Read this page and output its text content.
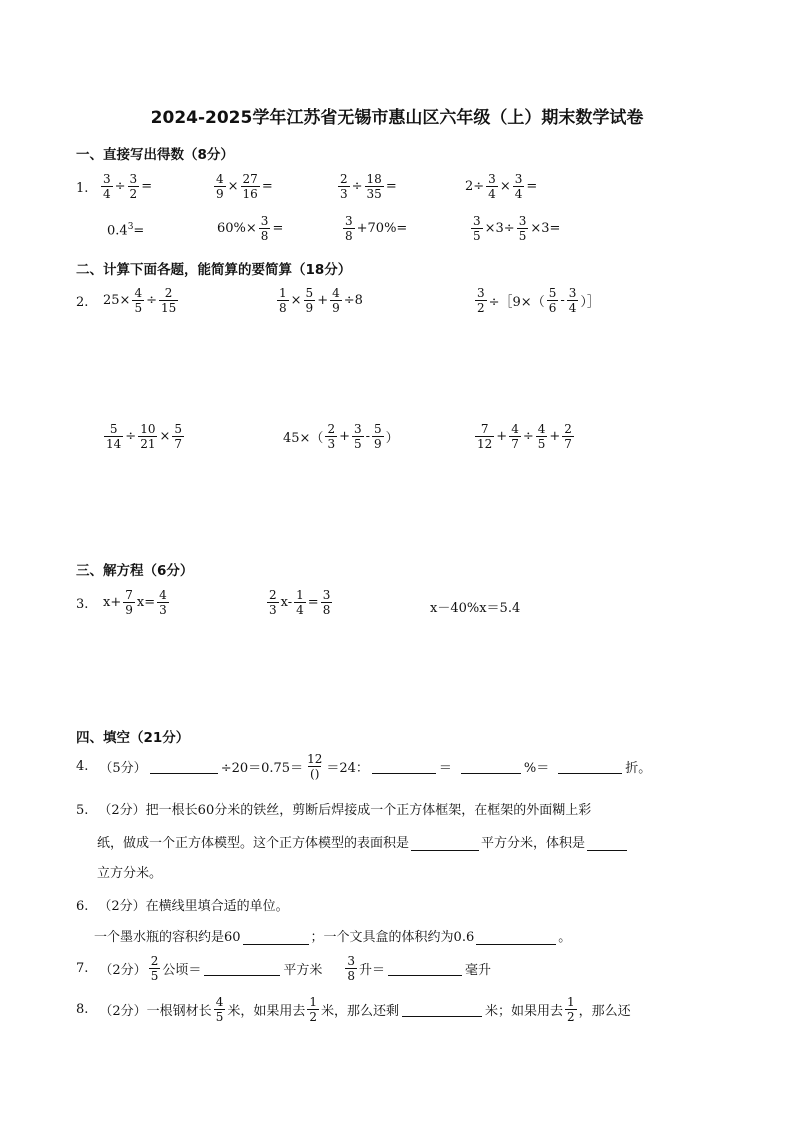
2024-2025学年江苏省无锡市惠山区六年级（上）期末数学试卷
一、直接写出得数（8分）
1. $\frac{3}{4} \div \frac{3}{2}$ =	$\frac{4}{9} \times \frac{27}{16}$ =	$\frac{2}{3} \div \frac{18}{35}$ =	$2\div \frac{3}{4} \times \frac{3}{4}$ =
$0.4^3=$	$60\%\times \frac{3}{8}$ =	$\frac{3}{8} +70\%=$	$\frac{3}{5} \times 3\div \frac{3}{5} \times 3=$
二、计算下面各题，能简算的要简算（18分）
2. $25\times \frac{4}{5} \div \frac{2}{15}$	$\frac{1}{8} \times \frac{5}{9} + \frac{4}{9} \div 8$	$\frac{3}{2}$ ÷［9×（ $\frac{5}{6} - \frac{3}{4}$ ）］
$\frac{5}{14} \div \frac{10}{21} \times \frac{5}{7}$	$45\times( \frac{2}{3} + \frac{3}{5} - \frac{5}{9}$ ）	$\frac{7}{12} + \frac{4}{7} \div \frac{4}{5} + \frac{2}{7}$
三、解方程（6分）
3. $x+ \frac{7}{9} x= \frac{4}{3}$	$\frac{2}{3} x- \frac{1}{4} = \frac{3}{8}$	x－40%x＝5.4
四、填空（21分）
4. （5分）	$\div 20=0.75= \frac{12}{()} =24$：	＝	%＝	折。
5. （2分）把一根长60分米的铁丝，剪断后焊接成一个正方体框架，在框架的外面糊上彩
纸，做成一个正方体模型。这个正方体模型的表面积是	平方分米，体积是
立方分米。
6. （2分）在横线里填合适的单位。
一个墨水瓶的容积约是60	；一个文具盒的体积约为0.6	。
7. （2分） $\frac{2}{5}$ 公顷＝	平方米 $\frac{3}{8}$ 升＝	毫升
8. （2分）一根钢材长 $\frac{4}{5}$ 米，如果用去 $\frac{1}{2}$ 米，那么还剩	米；如果用去 $\frac{1}{2}$ ，那么还
